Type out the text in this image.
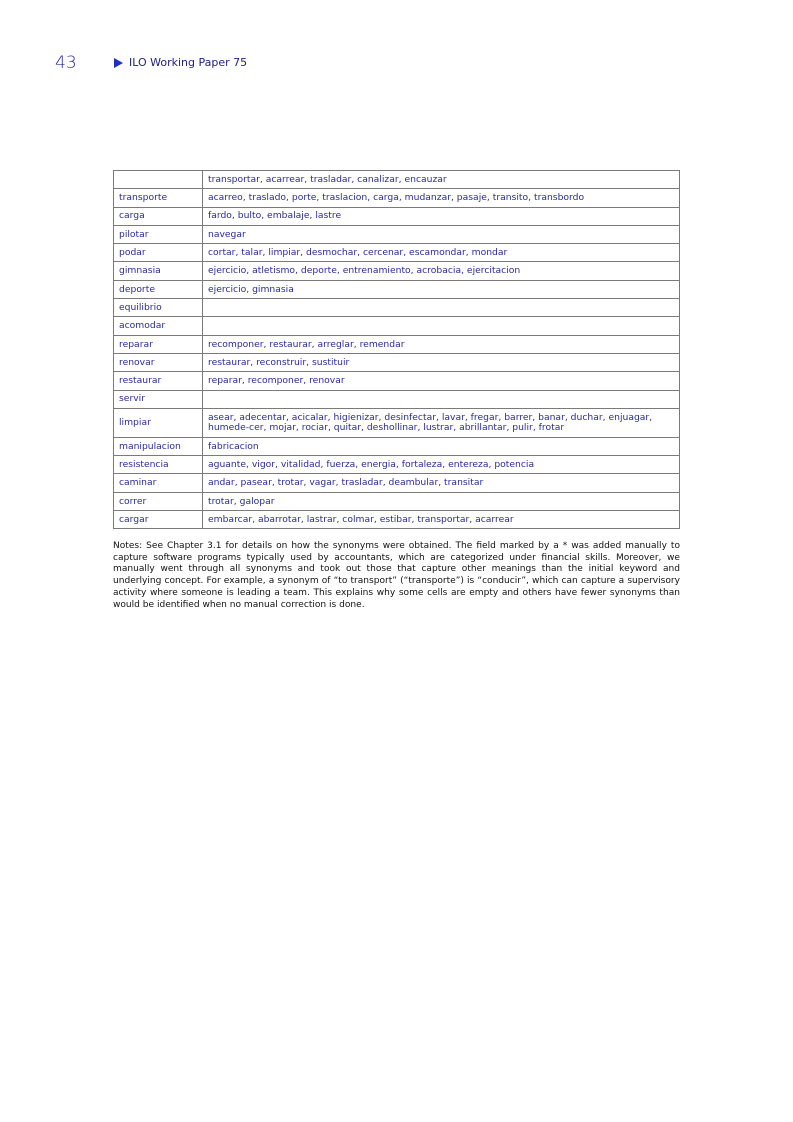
43	ILO Working Paper 75
	transportar, acarrear, trasladar, canalizar, encauzar
transporte	acarreo, traslado, porte, traslacion, carga, mudanzar, pasaje, transito, transbordo
carga	fardo, bulto, embalaje, lastre
pilotar	navegar
podar	cortar, talar, limpiar, desmochar, cercenar, escamondar, mondar
gimnasia	ejercicio, atletismo, deporte, entrenamiento, acrobacia, ejercitacion
deporte	ejercicio, gimnasia
equilibrio	
acomodar	
reparar	recomponer, restaurar, arreglar, remendar
renovar	restaurar, reconstruir, sustituir
restaurar	reparar, recomponer, renovar
servir	
limpiar	asear, adecentar, acicalar, higienizar, desinfectar, lavar, fregar, barrer, banar, duchar, enjuagar, humede-cer, mojar, rociar, quitar, deshollinar, lustrar, abrillantar, pulir, frotar
manipulacion	fabricacion
resistencia	aguante, vigor, vitalidad, fuerza, energia, fortaleza, entereza, potencia
caminar	andar, pasear, trotar, vagar, trasladar, deambular, transitar
correr	trotar, galopar
cargar	embarcar, abarrotar, lastrar, colmar, estibar, transportar, acarrear

Notes: See Chapter 3.1 for details on how the synonyms were obtained. The field marked by a * was added manually to capture software programs typically used by accountants, which are categorized under financial skills. Moreover, we manually went through all synonyms and took out those that capture other meanings than the initial keyword and underlying concept. For example, a synonym of “to transport” (“transporte”) is “conducir”, which can capture a supervisory activity where someone is leading a team. This explains why some cells are empty and others have fewer synonyms than would be identified when no manual correction is done.
